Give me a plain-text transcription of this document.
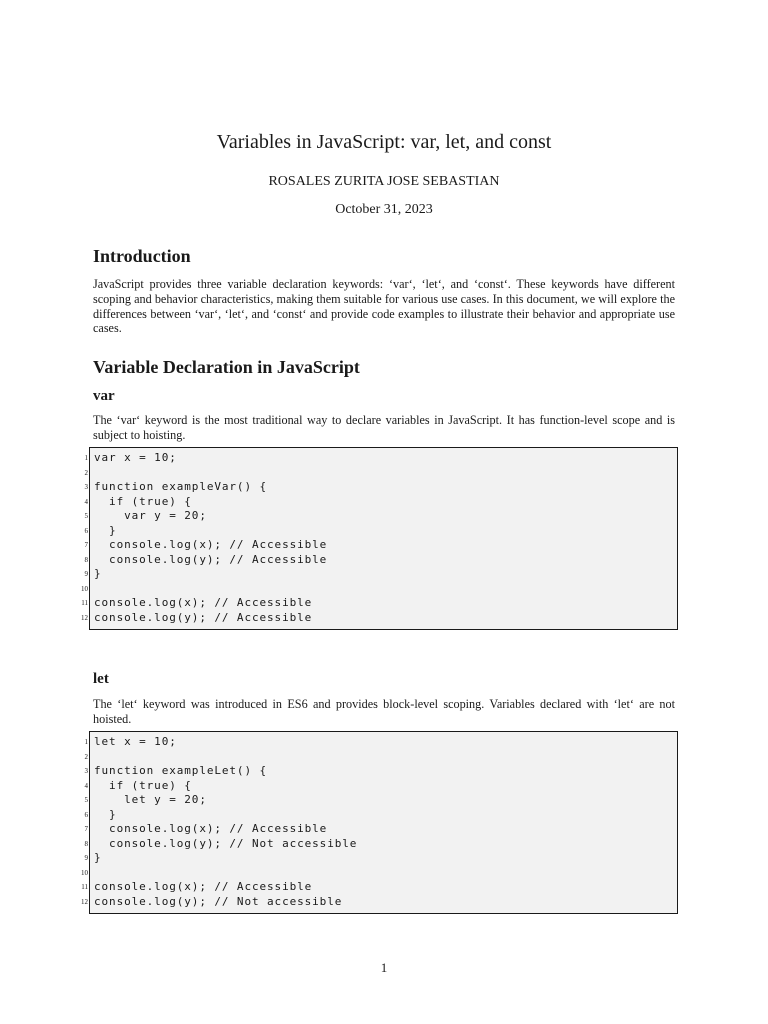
Variables in JavaScript: var, let, and const
ROSALES ZURITA JOSE SEBASTIAN
October 31, 2023
Introduction

JavaScript provides three variable declaration keywords: ‘var‘, ‘let‘, and ‘const‘. These keywords have different scoping and behavior characteristics, making them suitable for various use cases. In this document, we will explore the differences between ‘var‘, ‘let‘, and ‘const‘ and provide code examples to illustrate their behavior and appropriate use cases.

Variable Declaration in JavaScript
var

The ‘var‘ keyword is the most traditional way to declare variables in JavaScript. It has function-level scope and is subject to hoisting.

1
2
3
4
5
6
7
8
9
10
11
12
var x = 10;
function exampleVar() {
if (true) {
var y = 20;
}
console.log(x); // Accessible
console.log(y); // Accessible
}
console.log(x); // Accessible
console.log(y); // Accessible
let

The ‘let‘ keyword was introduced in ES6 and provides block-level scoping. Variables declared with ‘let‘ are not hoisted.

1
2
3
4
5
6
7
8
9
10
11
12
let x = 10;
function exampleLet() {
if (true) {
let y = 20;
}
console.log(x); // Accessible
console.log(y); // Not accessible
}
console.log(x); // Accessible
console.log(y); // Not accessible
1
